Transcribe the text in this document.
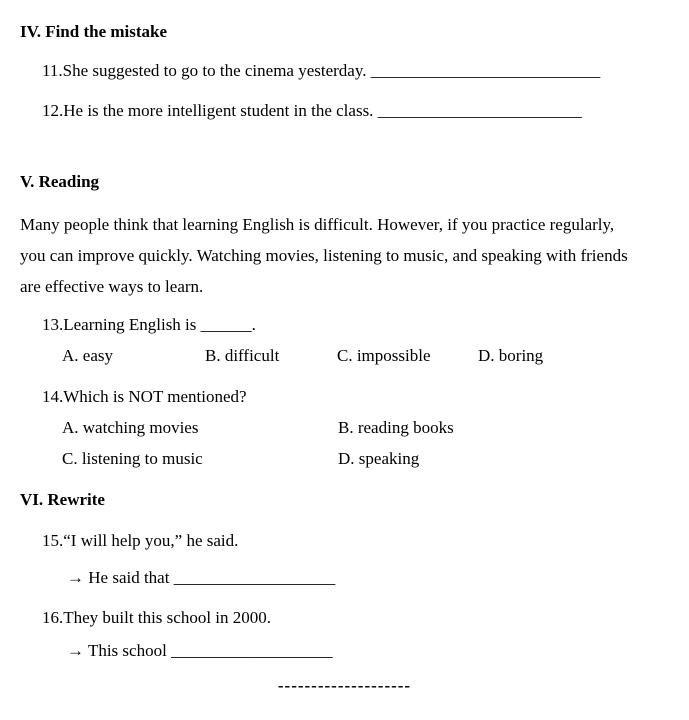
IV. Find the mistake
11.She suggested to go to the cinema yesterday. ___________________________
12.He is the more intelligent student in the class. ________________________
V. Reading
Many people think that learning English is difficult. However, if you practice regularly,
you can improve quickly. Watching movies, listening to music, and speaking with friends
are effective ways to learn.
13.Learning English is ______.
A. easy	B. difficult	C. impossible	D. boring
14.Which is NOT mentioned?
A. watching movies	B. reading books
C. listening to music	D. speaking
VI. Rewrite
15.“I will help you,” he said.
→ He said that ___________________
16.They built this school in 2000.
→ This school ___________________
--------------------
